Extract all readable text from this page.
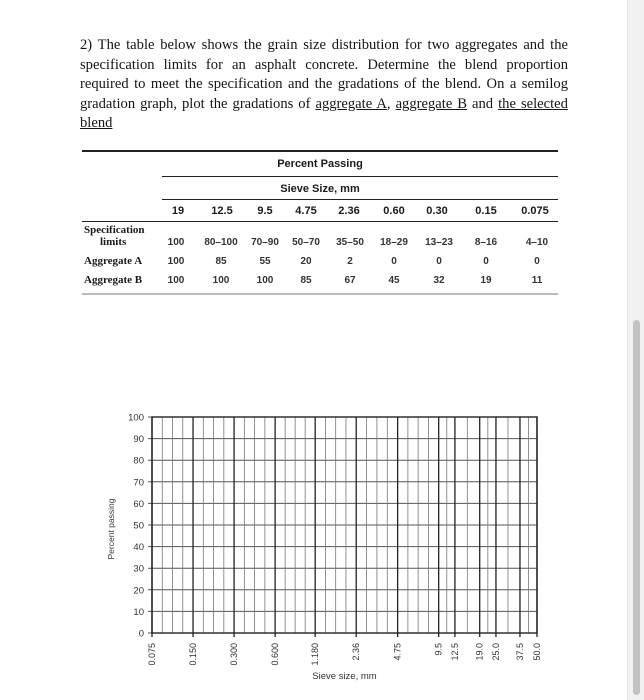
2) The table below shows the grain size distribution for two aggregates and the specification limits for an asphalt concrete. Determine the blend proportion required to meet the specification and the gradations of the blend. On a semilog gradation graph, plot the gradations of aggregate A, aggregate B and the selected blend
Percent Passing
Sieve Size, mm
19 12.5 9.5 4.75 2.36 0.60 0.30	0.15 0.075
Specification
limits	100 80–100 70–90 50–70 35–50 18–29 13–23 8–16	4–10
Aggregate A	100	85	55	20	2	0	0	0	0
Aggregate B	100	100	100	85	67	45	32	19	11
0
10
20
30
40
50
60
70
80
90
100
0.075	0.150	0.300	0.600	1.180	2.36	4.75	9.5 12.5 19.0 25.0 37.5 50.0
Sieve size, mm
Percent passing
